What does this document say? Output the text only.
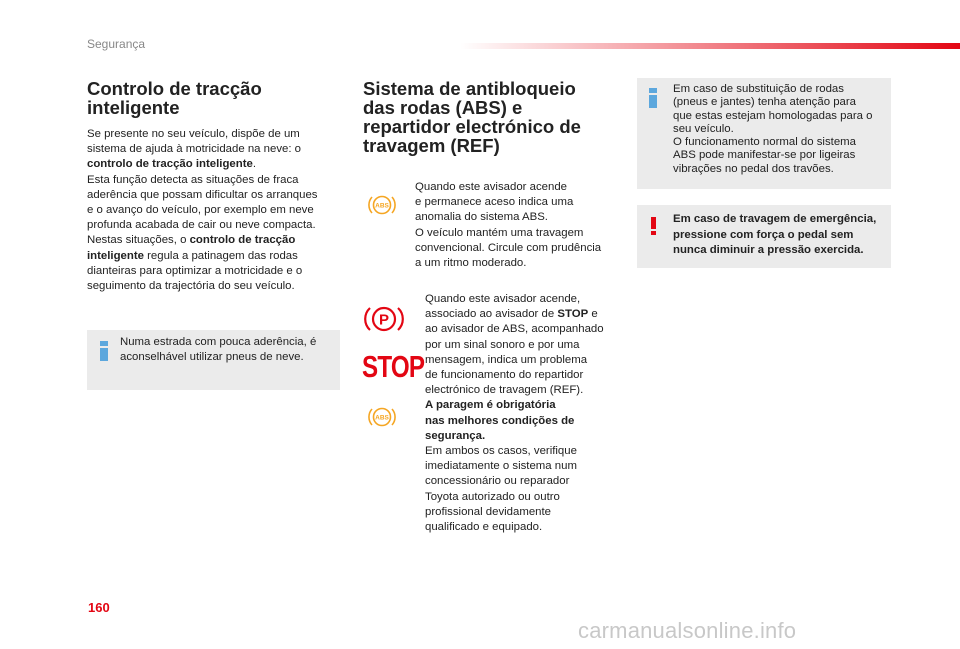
Segurança

Controlo de tracção
inteligente
Se presente no seu veículo, dispõe de um
sistema de ajuda à motricidade na neve: o
controlo de tracção inteligente.
Esta função detecta as situações de fraca
aderência que possam dificultar os arranques
e o avanço do veículo, por exemplo em neve
profunda acabada de cair ou neve compacta.
Nestas situações, o controlo de tracção
inteligente regula a patinagem das rodas
dianteiras para optimizar a motricidade e o
seguimento da trajectória do seu veículo.
Numa estrada com pouca aderência, é
aconselhável utilizar pneus de neve.
Sistema de antibloqueio
das rodas (ABS) e
repartidor electrónico de
travagem (REF)
ABS
Quando este avisador acende
e permanece aceso indica uma
anomalia do sistema ABS.
O veículo mantém uma travagem
convencional. Circule com prudência
a um ritmo moderado.
P
STOP
ABS
Quando este avisador acende,
associado ao avisador de STOP e
ao avisador de ABS, acompanhado
por um sinal sonoro e por uma
mensagem, indica um problema
de funcionamento do repartidor
electrónico de travagem (REF).
A paragem é obrigatória
nas melhores condições de
segurança.
Em ambos os casos, verifique
imediatamente o sistema num
concessionário ou reparador
Toyota autorizado ou outro
profissional devidamente
qualificado e equipado.
Em caso de substituição de rodas
(pneus e jantes) tenha atenção para
que estas estejam homologadas para o
seu veículo.
O funcionamento normal do sistema
ABS pode manifestar-se por ligeiras
vibrações no pedal dos travões.
Em caso de travagem de emergência,
pressione com força o pedal sem
nunca diminuir a pressão exercida.
160
carmanualsonline.info
